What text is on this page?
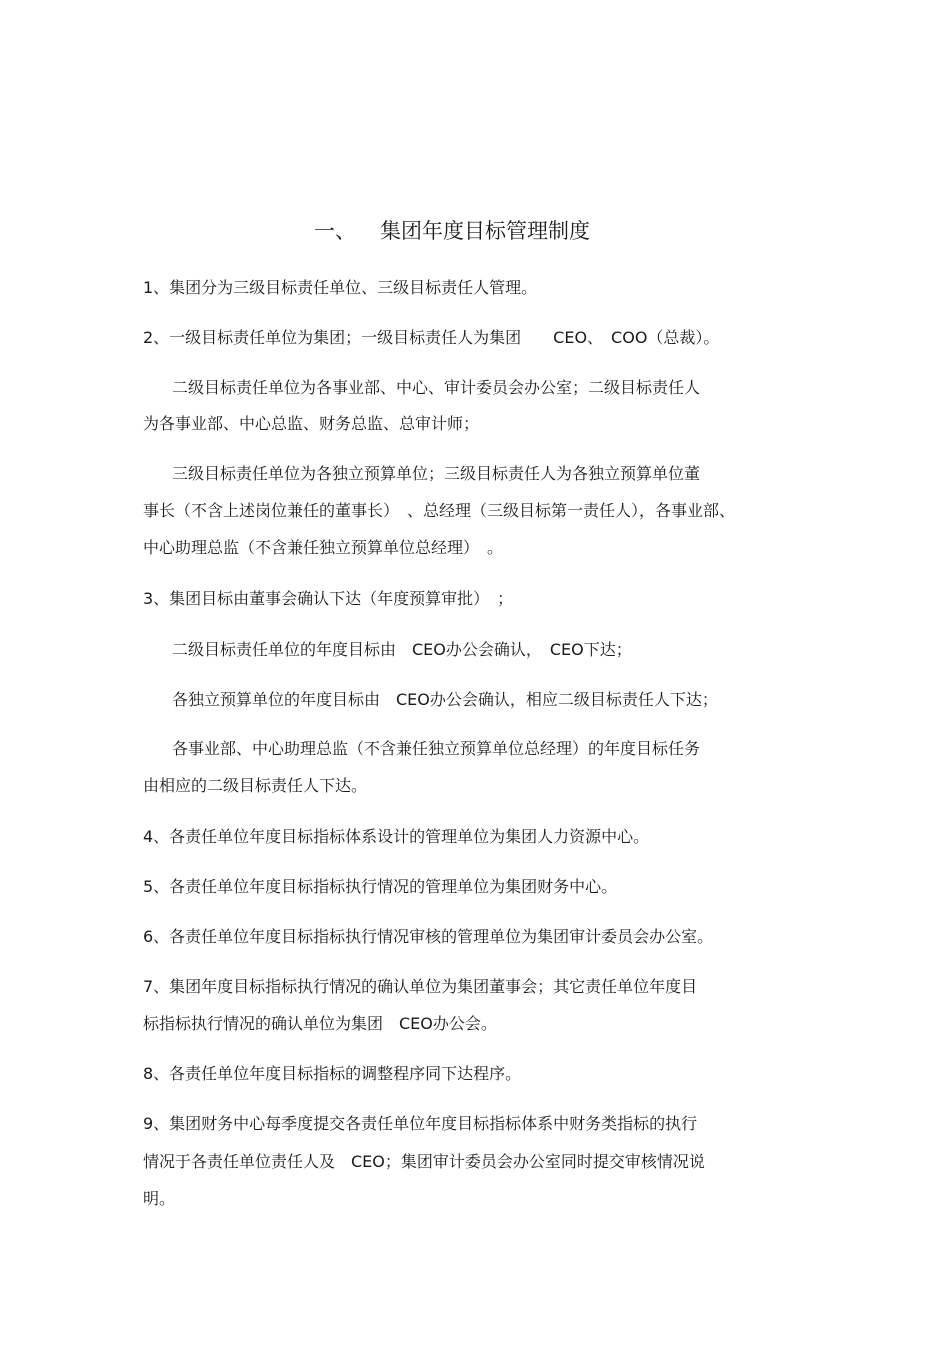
一、 集团年度目标管理制度
1、集团分为三级目标责任单位、三级目标责任人管理。
2、一级目标责任单位为集团；一级目标责任人为集团　　CEO、　COO（总裁）。
二级目标责任单位为各事业部、中心、审计委员会办公室；二级目标责任人
为各事业部、中心总监、财务总监、总审计师；
三级目标责任单位为各独立预算单位；三级目标责任人为各独立预算单位董
事长（不含上述岗位兼任的董事长）　、总经理（三级目标第一责任人），各事业部、
中心助理总监（不含兼任独立预算单位总经理）　。
3、集团目标由董事会确认下达（年度预算审批）　；
二级目标责任单位的年度目标由　CEO办公会确认，　CEO下达；
各独立预算单位的年度目标由　CEO办公会确认，相应二级目标责任人下达；
各事业部、中心助理总监（不含兼任独立预算单位总经理）的年度目标任务
由相应的二级目标责任人下达。
4、各责任单位年度目标指标体系设计的管理单位为集团人力资源中心。
5、各责任单位年度目标指标执行情况的管理单位为集团财务中心。
6、各责任单位年度目标指标执行情况审核的管理单位为集团审计委员会办公室。
7、集团年度目标指标执行情况的确认单位为集团董事会；其它责任单位年度目
标指标执行情况的确认单位为集团　CEO办公会。
8、各责任单位年度目标指标的调整程序同下达程序。
9、集团财务中心每季度提交各责任单位年度目标指标体系中财务类指标的执行
情况于各责任单位责任人及　CEO；集团审计委员会办公室同时提交审核情况说
明。
